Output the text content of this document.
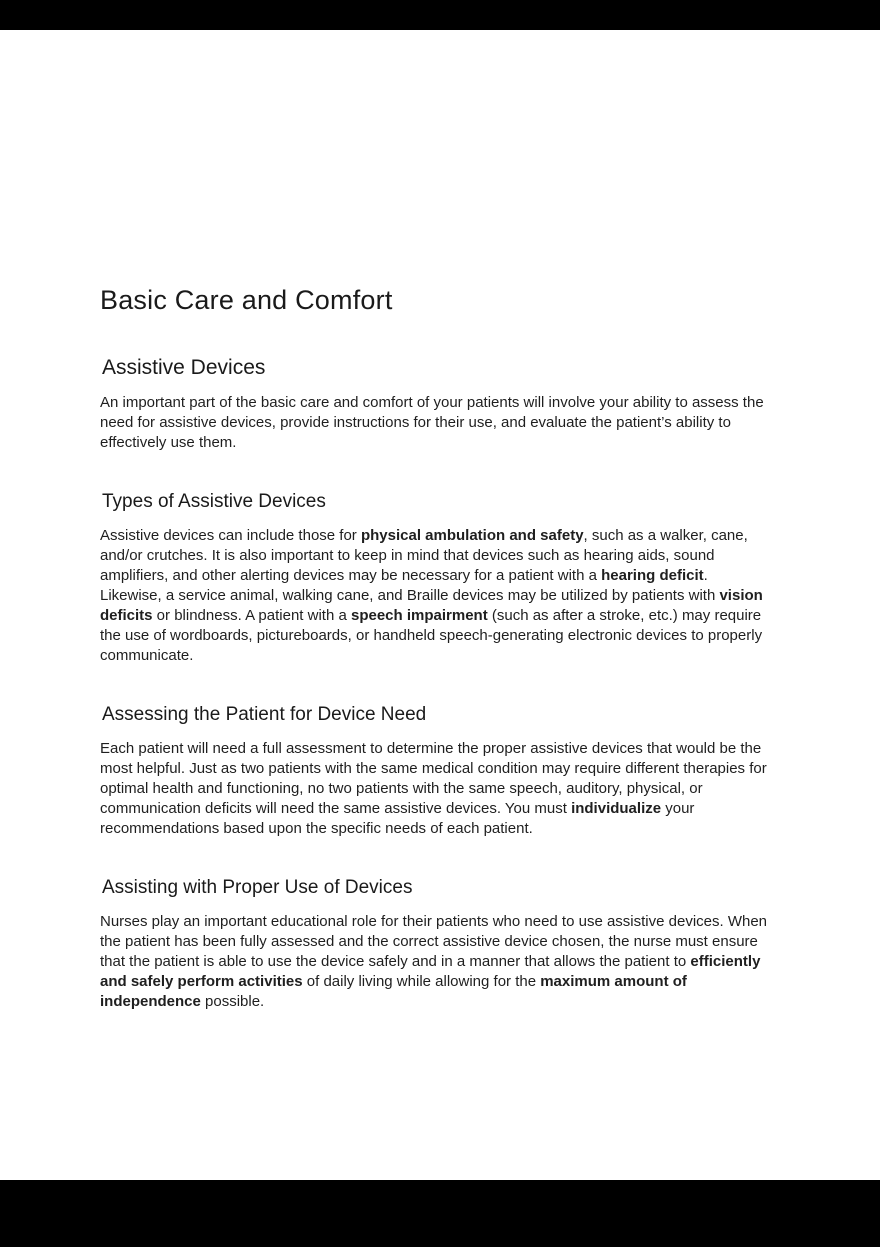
Basic Care and Comfort
Assistive Devices

An important part of the basic care and comfort of your patients will involve your ability to assess the need for assistive devices, provide instructions for their use, and evaluate the patient’s ability to effectively use them.

Types of Assistive Devices

Assistive devices can include those for physical ambulation and safety, such as a walker, cane, and/or crutches. It is also important to keep in mind that devices such as hearing aids, sound amplifiers, and other alerting devices may be necessary for a patient with a hearing deficit. Likewise, a service animal, walking cane, and Braille devices may be utilized by patients with vision deficits or blindness. A patient with a speech impairment (such as after a stroke, etc.) may require the use of wordboards, pictureboards, or handheld speech-generating electronic devices to properly communicate.

Assessing the Patient for Device Need

Each patient will need a full assessment to determine the proper assistive devices that would be the most helpful. Just as two patients with the same medical condition may require different therapies for optimal health and functioning, no two patients with the same speech, auditory, physical, or communication deficits will need the same assistive devices. You must individualize your recommendations based upon the specific needs of each patient.

Assisting with Proper Use of Devices

Nurses play an important educational role for their patients who need to use assistive devices. When the patient has been fully assessed and the correct assistive device chosen, the nurse must ensure that the patient is able to use the device safely and in a manner that allows the patient to efficiently and safely perform activities of daily living while allowing for the maximum amount of independence possible.
